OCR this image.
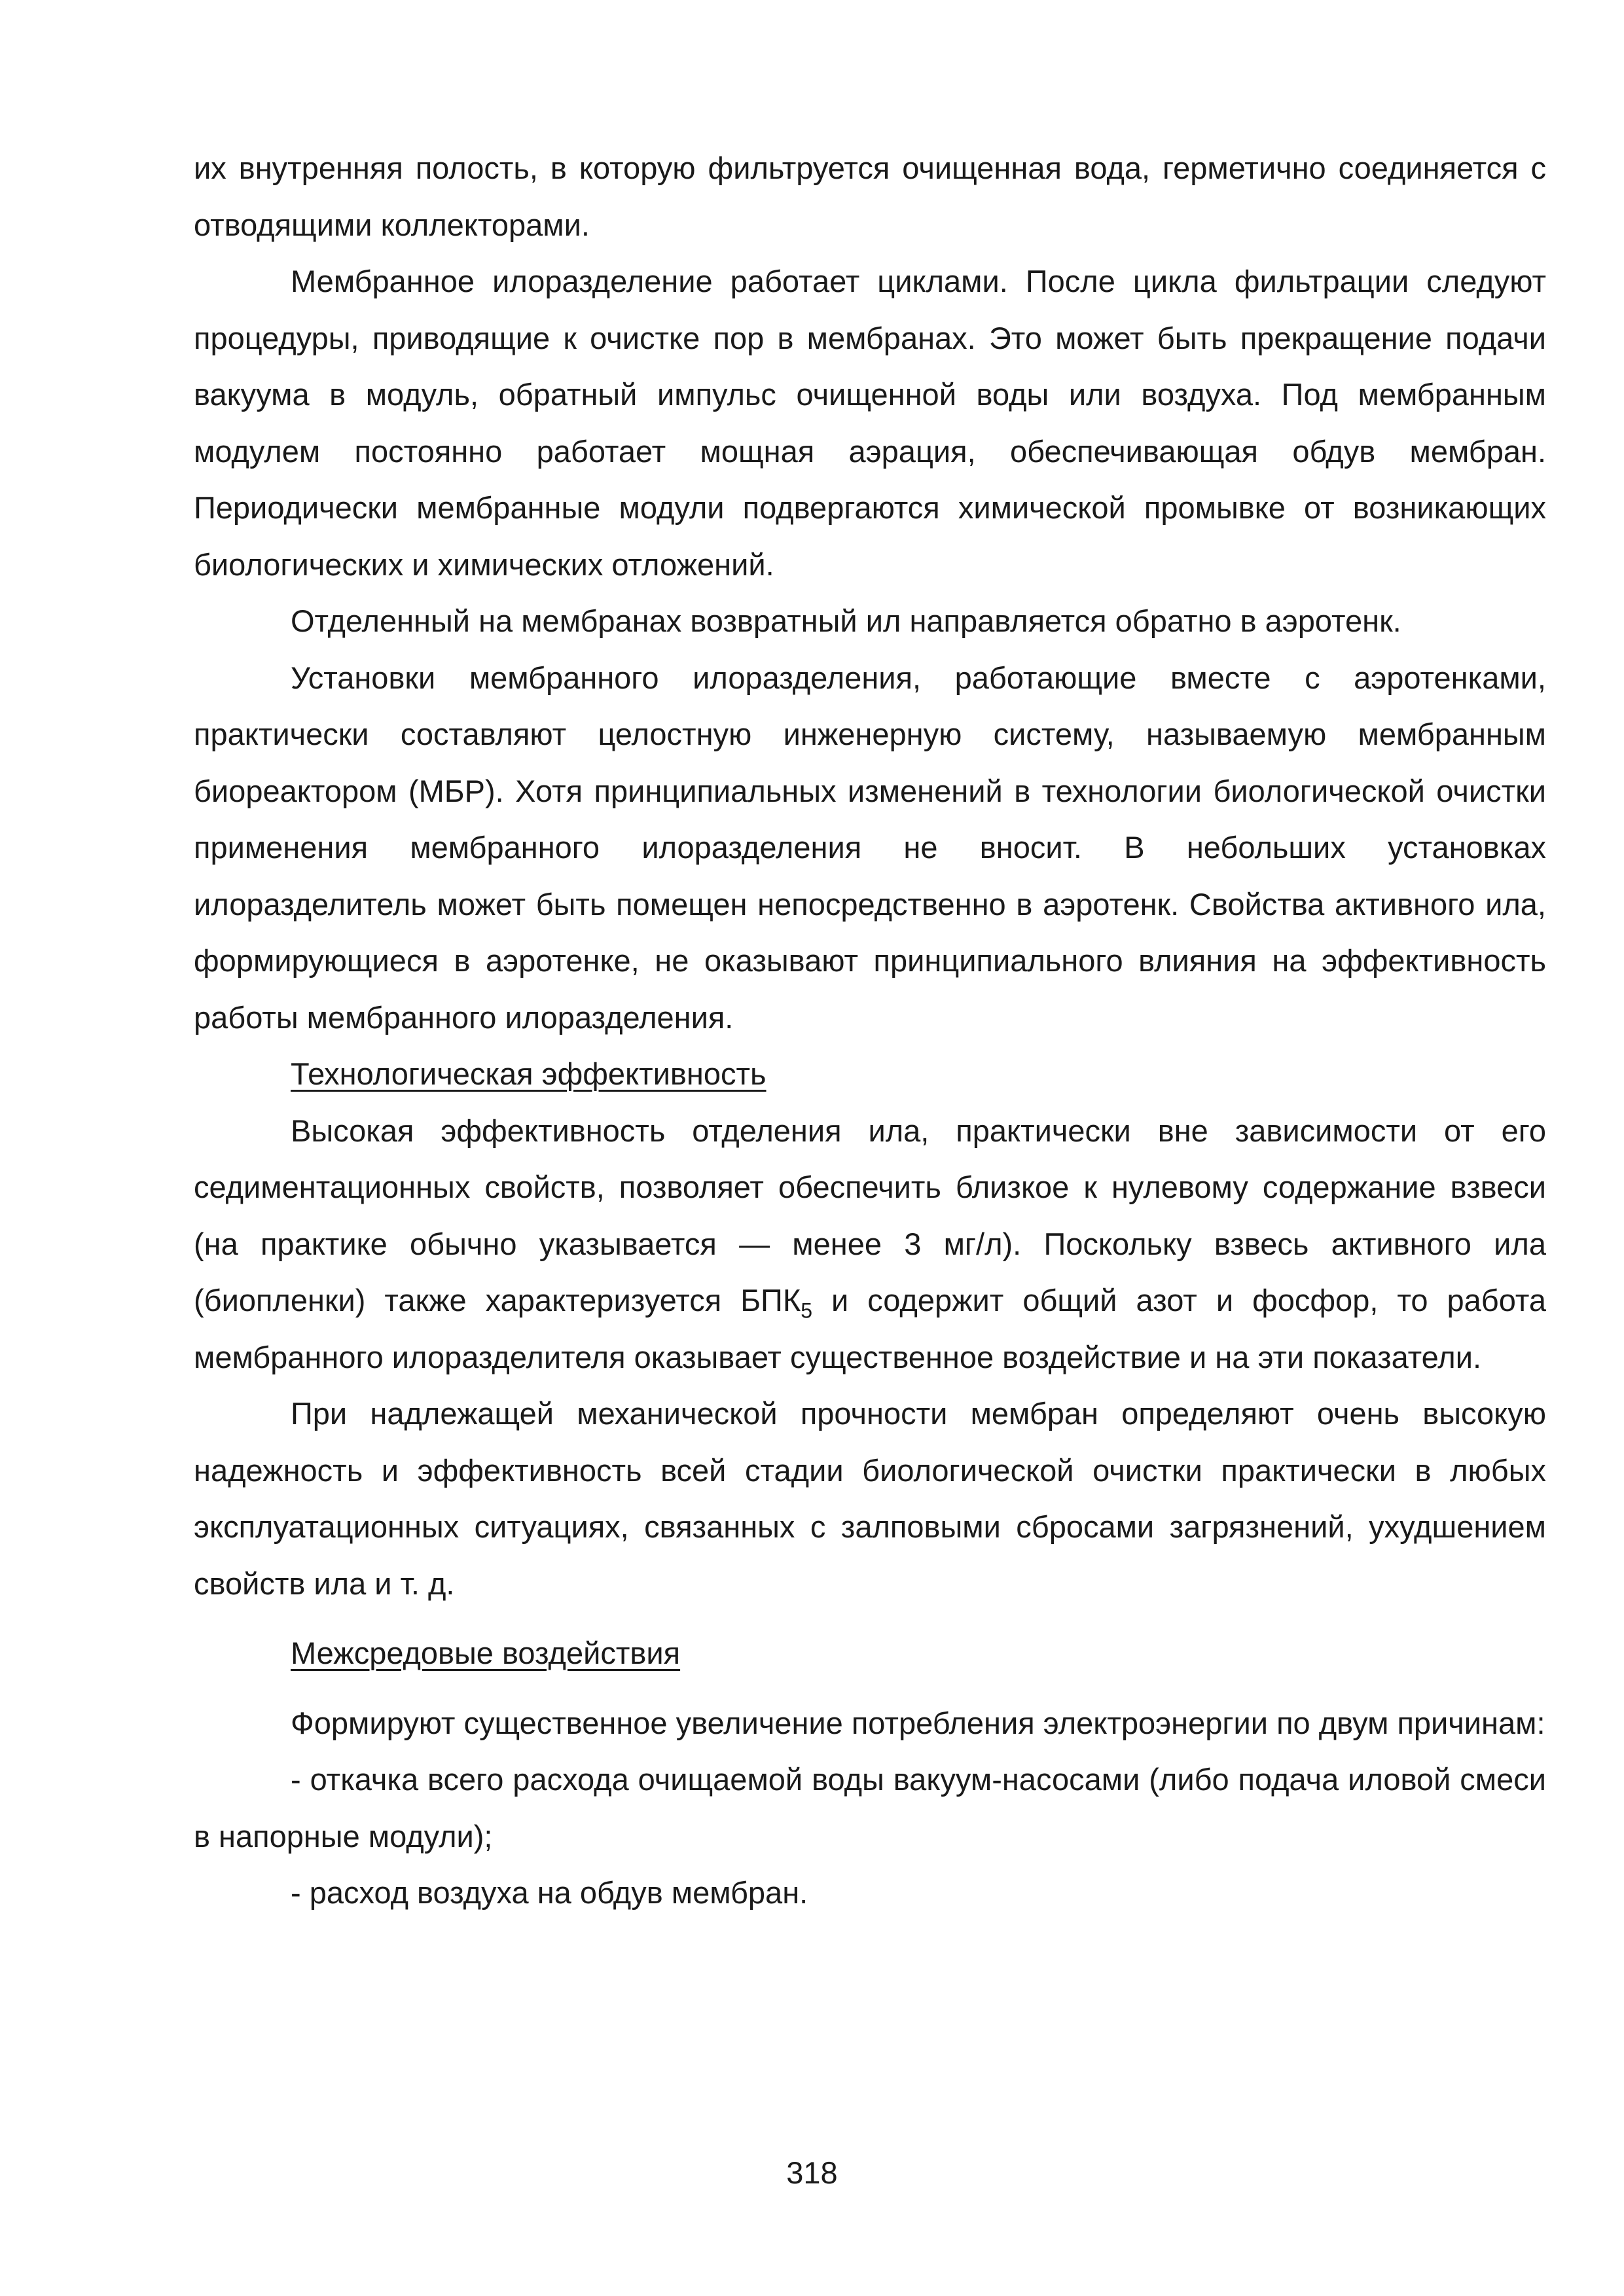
их внутренняя полость, в которую фильтруется очищенная вода, герметично соединяется с отводящими коллекторами.

Мембранное илоразделение работает циклами. После цикла фильтрации следуют процедуры, приводящие к очистке пор в мембранах. Это может быть прекращение подачи вакуума в модуль, обратный импульс очищенной воды или воздуха. Под мембранным модулем постоянно работает мощная аэрация, обеспечивающая обдув мембран. Периодически мембранные модули подвергаются химической промывке от возникающих биологических и химических отложений.

Отделенный на мембранах возвратный ил направляется обратно в аэротенк.

Установки мембранного илоразделения, работающие вместе с аэротенками, практически составляют целостную инженерную систему, называемую мембранным биореактором (МБР). Хотя принципиальных изменений в технологии биологической очистки применения мембранного илоразделения не вносит. В небольших установках илоразделитель может быть помещен непосредственно в аэротенк. Свойства активного ила, формирующиеся в аэротенке, не оказывают принципиального влияния на эффективность работы мембранного илоразделения.

Технологическая эффективность

Высокая эффективность отделения ила, практически вне зависимости от его седиментационных свойств, позволяет обеспечить близкое к нулевому содержание взвеси (на практике обычно указывается — менее 3 мг/л). Поскольку взвесь активного ила (биопленки) также характеризуется $БПК_5$ и содержит общий азот и фосфор, то работа мембранного илоразделителя оказывает существенное воздействие и на эти показатели.

При надлежащей механической прочности мембран определяют очень высокую надежность и эффективность всей стадии биологической очистки практически в любых эксплуатационных ситуациях, связанных с залповыми сбросами загрязнений, ухудшением свойств ила и т. д.

Межсредовые воздействия

Формируют существенное увеличение потребления электроэнергии по двум причинам:

- откачка всего расхода очищаемой воды вакуум-насосами (либо подача иловой смеси в напорные модули);

- расход воздуха на обдув мембран.

318
